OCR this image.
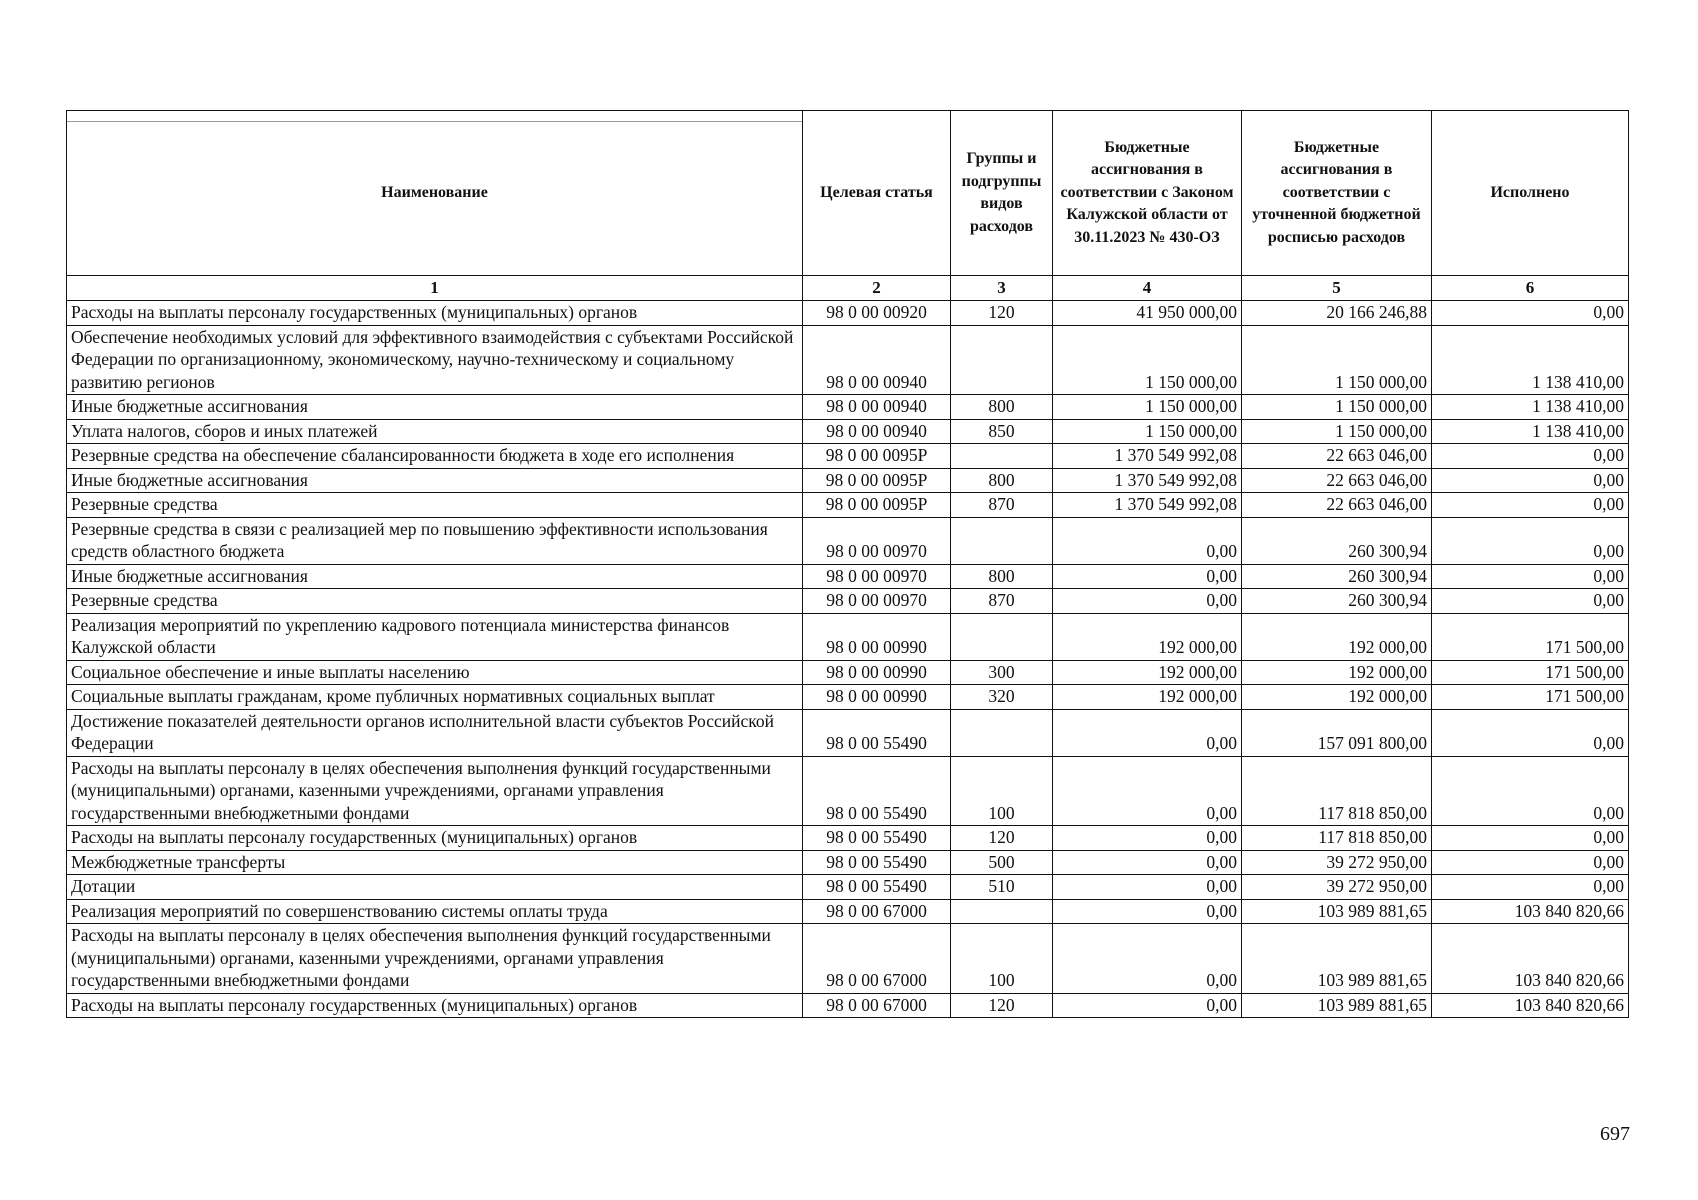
Наименование	Целевая статья	Группы и подгруппы видов расходов	Бюджетные ассигнования в соответствии с Законом Калужской области от 30.11.2023 № 430-ОЗ	Бюджетные ассигнования в соответствии с уточненной бюджетной росписью расходов	Исполнено
1	2	3	4	5	6
Расходы на выплаты персоналу государственных (муниципальных) органов	98 0 00 00920	120	41 950 000,00	20 166 246,88	0,00
Обеспечение необходимых условий для эффективного взаимодействия с субъектами Российской Федерации по организационному, экономическому, научно-техническому и социальному развитию регионов	98 0 00 00940		1 150 000,00	1 150 000,00	1 138 410,00
Иные бюджетные ассигнования	98 0 00 00940	800	1 150 000,00	1 150 000,00	1 138 410,00
Уплата налогов, сборов и иных платежей	98 0 00 00940	850	1 150 000,00	1 150 000,00	1 138 410,00
Резервные средства на обеспечение сбалансированности бюджета в ходе его исполнения	98 0 00 0095Р		1 370 549 992,08	22 663 046,00	0,00
Иные бюджетные ассигнования	98 0 00 0095Р	800	1 370 549 992,08	22 663 046,00	0,00
Резервные средства	98 0 00 0095Р	870	1 370 549 992,08	22 663 046,00	0,00
Резервные средства в связи с реализацией мер по повышению эффективности использования средств областного бюджета	98 0 00 00970		0,00	260 300,94	0,00
Иные бюджетные ассигнования	98 0 00 00970	800	0,00	260 300,94	0,00
Резервные средства	98 0 00 00970	870	0,00	260 300,94	0,00
Реализация мероприятий по укреплению кадрового потенциала министерства финансов Калужской области	98 0 00 00990		192 000,00	192 000,00	171 500,00
Социальное обеспечение и иные выплаты населению	98 0 00 00990	300	192 000,00	192 000,00	171 500,00
Социальные выплаты гражданам, кроме публичных нормативных социальных выплат	98 0 00 00990	320	192 000,00	192 000,00	171 500,00
Достижение показателей деятельности органов исполнительной власти субъектов Российской Федерации	98 0 00 55490		0,00	157 091 800,00	0,00
Расходы на выплаты персоналу в целях обеспечения выполнения функций государственными (муниципальными) органами, казенными учреждениями, органами управления государственными внебюджетными фондами	98 0 00 55490	100	0,00	117 818 850,00	0,00
Расходы на выплаты персоналу государственных (муниципальных) органов	98 0 00 55490	120	0,00	117 818 850,00	0,00
Межбюджетные трансферты	98 0 00 55490	500	0,00	39 272 950,00	0,00
Дотации	98 0 00 55490	510	0,00	39 272 950,00	0,00
Реализация мероприятий по совершенствованию системы оплаты труда	98 0 00 67000		0,00	103 989 881,65	103 840 820,66
Расходы на выплаты персоналу в целях обеспечения выполнения функций государственными (муниципальными) органами, казенными учреждениями, органами управления государственными внебюджетными фондами	98 0 00 67000	100	0,00	103 989 881,65	103 840 820,66
Расходы на выплаты персоналу государственных (муниципальных) органов	98 0 00 67000	120	0,00	103 989 881,65	103 840 820,66
697
